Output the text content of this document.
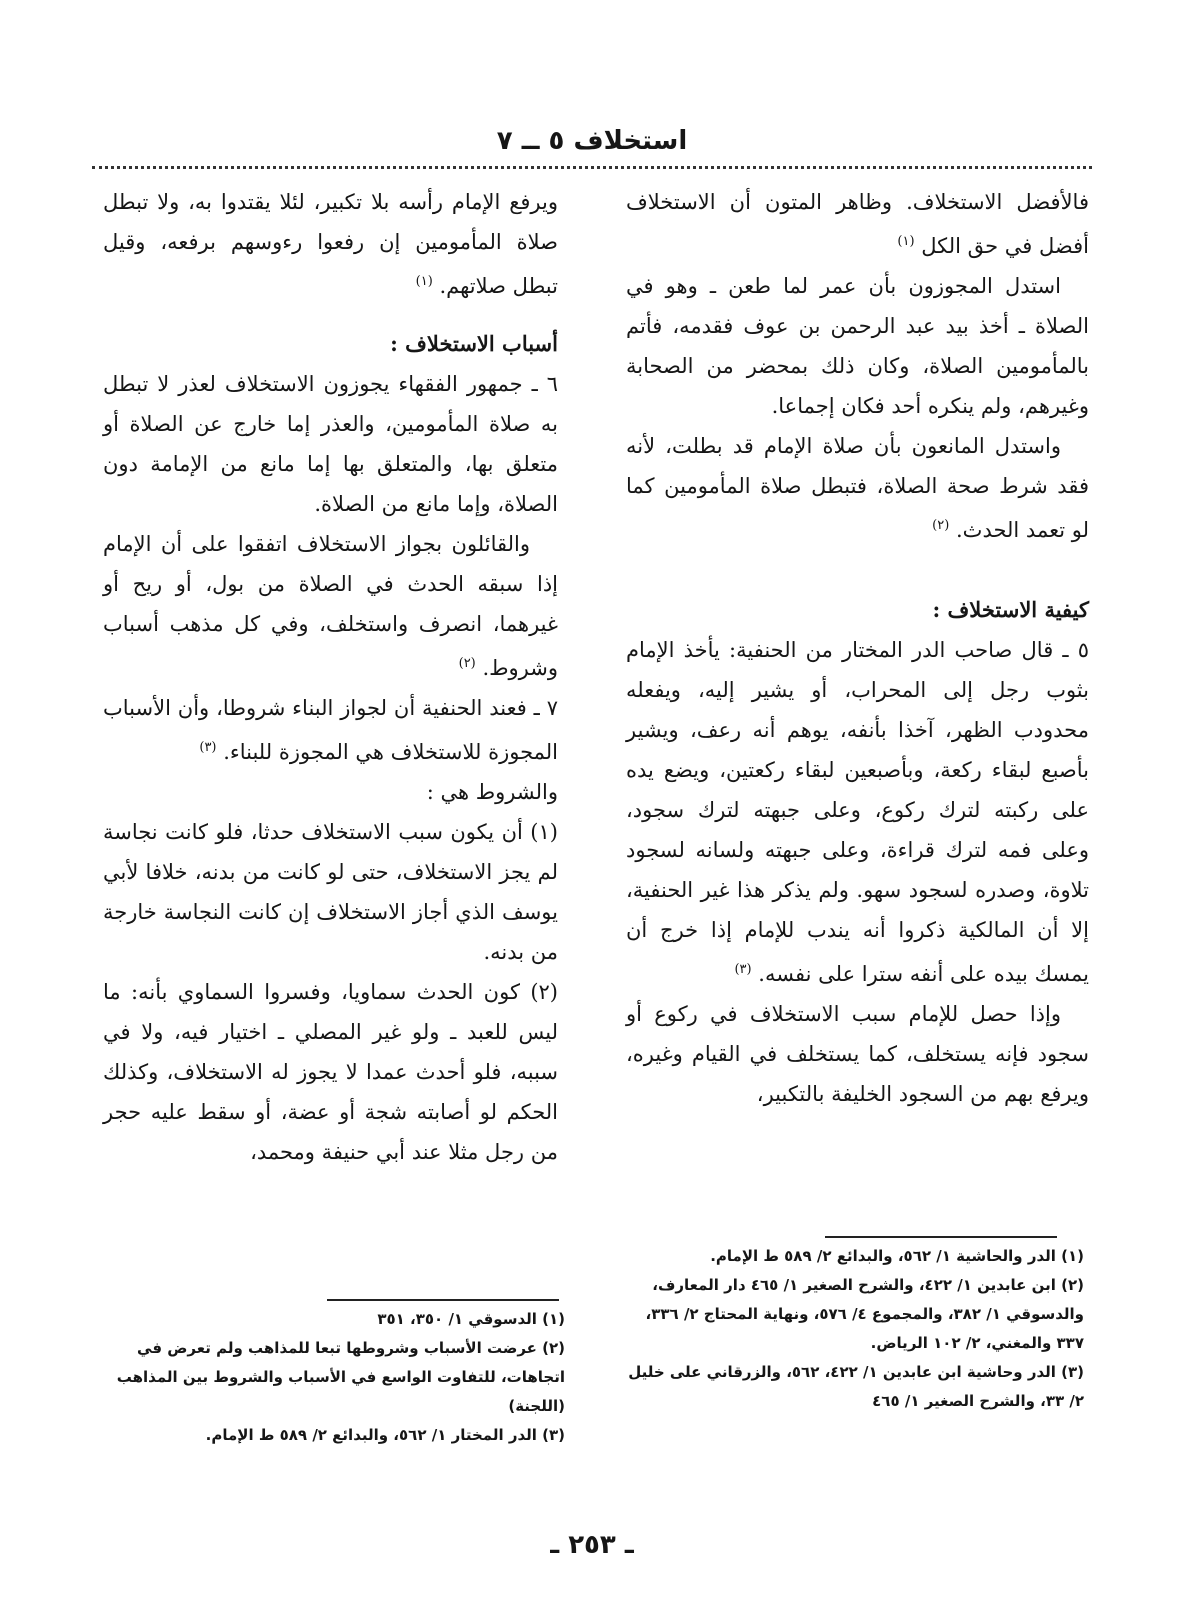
استخلاف ٥ ــ ٧

فالأفضل الاستخلاف. وظاهر المتون أن الاستخلاف أفضل في حق الكل $^{(١)}$

استدل المجوزون بأن عمر لما طعن ـ وهو في الصلاة ـ أخذ بيد عبد الرحمن بن عوف فقدمه، فأتم بالمأمومين الصلاة، وكان ذلك بمحضر من الصحابة وغيرهم، ولم ينكره أحد فكان إجماعا.

واستدل المانعون بأن صلاة الإمام قد بطلت، لأنه فقد شرط صحة الصلاة، فتبطل صلاة المأمومين كما لو تعمد الحدث. $^{(٢)}$

كيفية الاستخلاف :

٥ ـ قال صاحب الدر المختار من الحنفية: يأخذ الإمام بثوب رجل إلى المحراب، أو يشير إليه، ويفعله محدودب الظهر، آخذا بأنفه، يوهم أنه رعف، ويشير بأصبع لبقاء ركعة، وبأصبعين لبقاء ركعتين، ويضع يده على ركبته لترك ركوع، وعلى جبهته لترك سجود، وعلى فمه لترك قراءة، وعلى جبهته ولسانه لسجود تلاوة، وصدره لسجود سهو. ولم يذكر هذا غير الحنفية، إلا أن المالكية ذكروا أنه يندب للإمام إذا خرج أن يمسك بيده على أنفه سترا على نفسه. $^{(٣)}$

وإذا حصل للإمام سبب الاستخلاف في ركوع أو سجود فإنه يستخلف، كما يستخلف في القيام وغيره، ويرفع بهم من السجود الخليفة بالتكبير،

ويرفع الإمام رأسه بلا تكبير، لئلا يقتدوا به، ولا تبطل صلاة المأمومين إن رفعوا رءوسهم برفعه، وقيل تبطل صلاتهم. $^{(١)}$

أسباب الاستخلاف :

٦ ـ جمهور الفقهاء يجوزون الاستخلاف لعذر لا تبطل به صلاة المأمومين، والعذر إما خارج عن الصلاة أو متعلق بها، والمتعلق بها إما مانع من الإمامة دون الصلاة، وإما مانع من الصلاة.

والقائلون بجواز الاستخلاف اتفقوا على أن الإمام إذا سبقه الحدث في الصلاة من بول، أو ريح أو غيرهما، انصرف واستخلف، وفي كل مذهب أسباب وشروط. $^{(٢)}$

٧ ـ فعند الحنفية أن لجواز البناء شروطا، وأن الأسباب المجوزة للاستخلاف هي المجوزة للبناء. $^{(٣)}$

والشروط هي :

(١) أن يكون سبب الاستخلاف حدثا، فلو كانت نجاسة لم يجز الاستخلاف، حتى لو كانت من بدنه، خلافا لأبي يوسف الذي أجاز الاستخلاف إن كانت النجاسة خارجة من بدنه.

(٢) كون الحدث سماويا، وفسروا السماوي بأنه: ما ليس للعبد ـ ولو غير المصلي ـ اختيار فيه، ولا في سببه، فلو أحدث عمدا لا يجوز له الاستخلاف، وكذلك الحكم لو أصابته شجة أو عضة، أو سقط عليه حجر من رجل مثلا عند أبي حنيفة ومحمد،

(١) الدر والحاشية ١/ ٥٦٢، والبدائع ٢/ ٥٨٩ ط الإمام.

(٢) ابن عابدين ١/ ٤٢٢، والشرح الصغير ١/ ٤٦٥ دار المعارف، والدسوقي ١/ ٣٨٢، والمجموع ٤/ ٥٧٦، ونهاية المحتاج ٢/ ٣٣٦، ٣٣٧ والمغني، ٢/ ١٠٢ الرياض.

(٣) الدر وحاشية ابن عابدين ١/ ٤٢٢، ٥٦٢، والزرقاني على خليل ٢/ ٣٣، والشرح الصغير ١/ ٤٦٥

(١) الدسوقي ١/ ٣٥٠، ٣٥١

(٢) عرضت الأسباب وشروطها تبعا للمذاهب ولم تعرض في اتجاهات، للتفاوت الواسع في الأسباب والشروط بين المذاهب (اللجنة)

(٣) الدر المختار ١/ ٥٦٢، والبدائع ٢/ ٥٨٩ ط الإمام.

ـ ٢٥٣ ـ
